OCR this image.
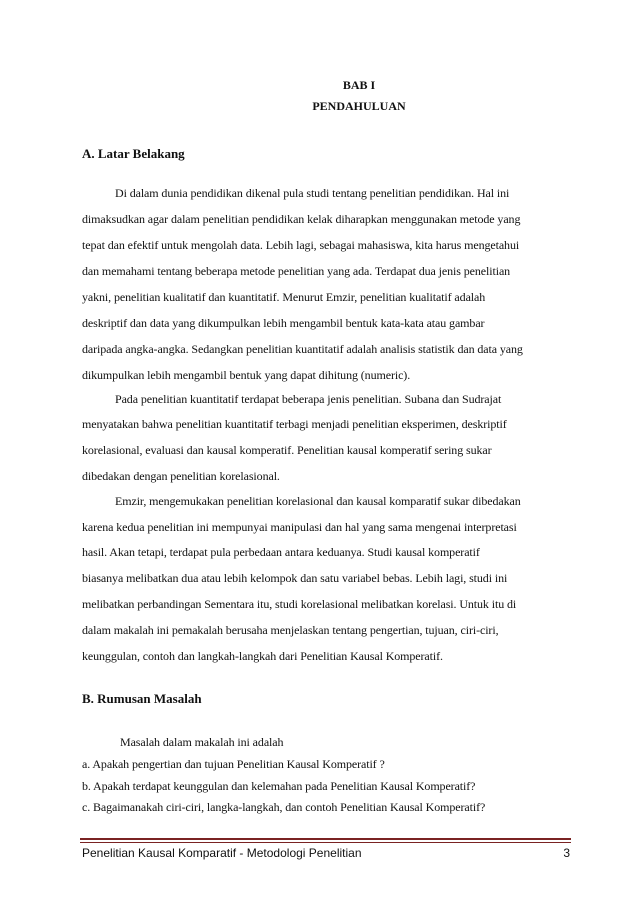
BAB I
PENDAHULUAN
A. Latar Belakang
Di dalam dunia pendidikan dikenal pula studi tentang penelitian pendidikan. Hal ini
dimaksudkan agar dalam penelitian pendidikan kelak diharapkan menggunakan metode yang
tepat dan efektif untuk mengolah data. Lebih lagi, sebagai mahasiswa, kita harus mengetahui
dan memahami tentang beberapa metode penelitian yang ada. Terdapat dua jenis penelitian
yakni, penelitian kualitatif dan kuantitatif. Menurut Emzir, penelitian kualitatif adalah
deskriptif dan data yang dikumpulkan lebih mengambil bentuk kata-kata atau gambar
daripada angka-angka. Sedangkan penelitian kuantitatif adalah analisis statistik dan data yang
dikumpulkan lebih mengambil bentuk yang dapat dihitung (numeric).
Pada penelitian kuantitatif terdapat beberapa jenis penelitian. Subana dan Sudrajat
menyatakan bahwa penelitian kuantitatif terbagi menjadi penelitian eksperimen, deskriptif
korelasional, evaluasi dan kausal komperatif. Penelitian kausal komperatif sering sukar
dibedakan dengan penelitian korelasional.
Emzir, mengemukakan penelitian korelasional dan kausal komparatif sukar dibedakan
karena kedua penelitian ini mempunyai manipulasi dan hal yang sama mengenai interpretasi
hasil. Akan tetapi, terdapat pula perbedaan antara keduanya. Studi kausal komperatif
biasanya melibatkan dua atau lebih kelompok dan satu variabel bebas. Lebih lagi, studi ini
melibatkan perbandingan Sementara itu, studi korelasional melibatkan korelasi. Untuk itu di
dalam makalah ini pemakalah berusaha menjelaskan tentang pengertian, tujuan, ciri-ciri,
keunggulan, contoh dan langkah-langkah dari Penelitian Kausal Komperatif.
B. Rumusan Masalah
Masalah dalam makalah ini adalah
a. Apakah pengertian dan tujuan Penelitian Kausal Komperatif ?
b. Apakah terdapat keunggulan dan kelemahan pada Penelitian Kausal Komperatif?
c. Bagaimanakah ciri-ciri, langka-langkah, dan contoh Penelitian Kausal Komperatif?
Penelitian Kausal Komparatif - Metodologi Penelitian	3
